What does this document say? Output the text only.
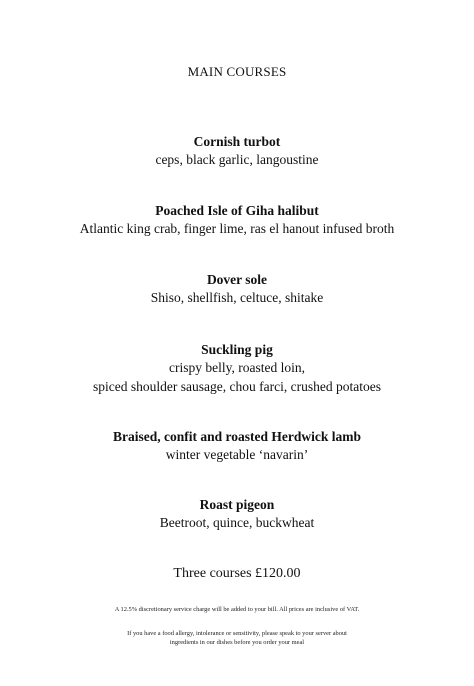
MAIN COURSES
Cornish turbot
ceps, black garlic, langoustine
Poached Isle of Giha halibut
Atlantic king crab, finger lime, ras el hanout infused broth
Dover sole
Shiso, shellfish, celtuce, shitake
Suckling pig
crispy belly, roasted loin,
spiced shoulder sausage, chou farci, crushed potatoes
Braised, confit and roasted Herdwick lamb
winter vegetable ‘navarin’
Roast pigeon
Beetroot, quince, buckwheat
Three courses £120.00
A 12.5% discretionary service charge will be added to your bill. All prices are inclusive of VAT.
If you have a food allergy, intolerance or sensitivity, please speak to your server about
ingredients in our dishes before you order your meal
